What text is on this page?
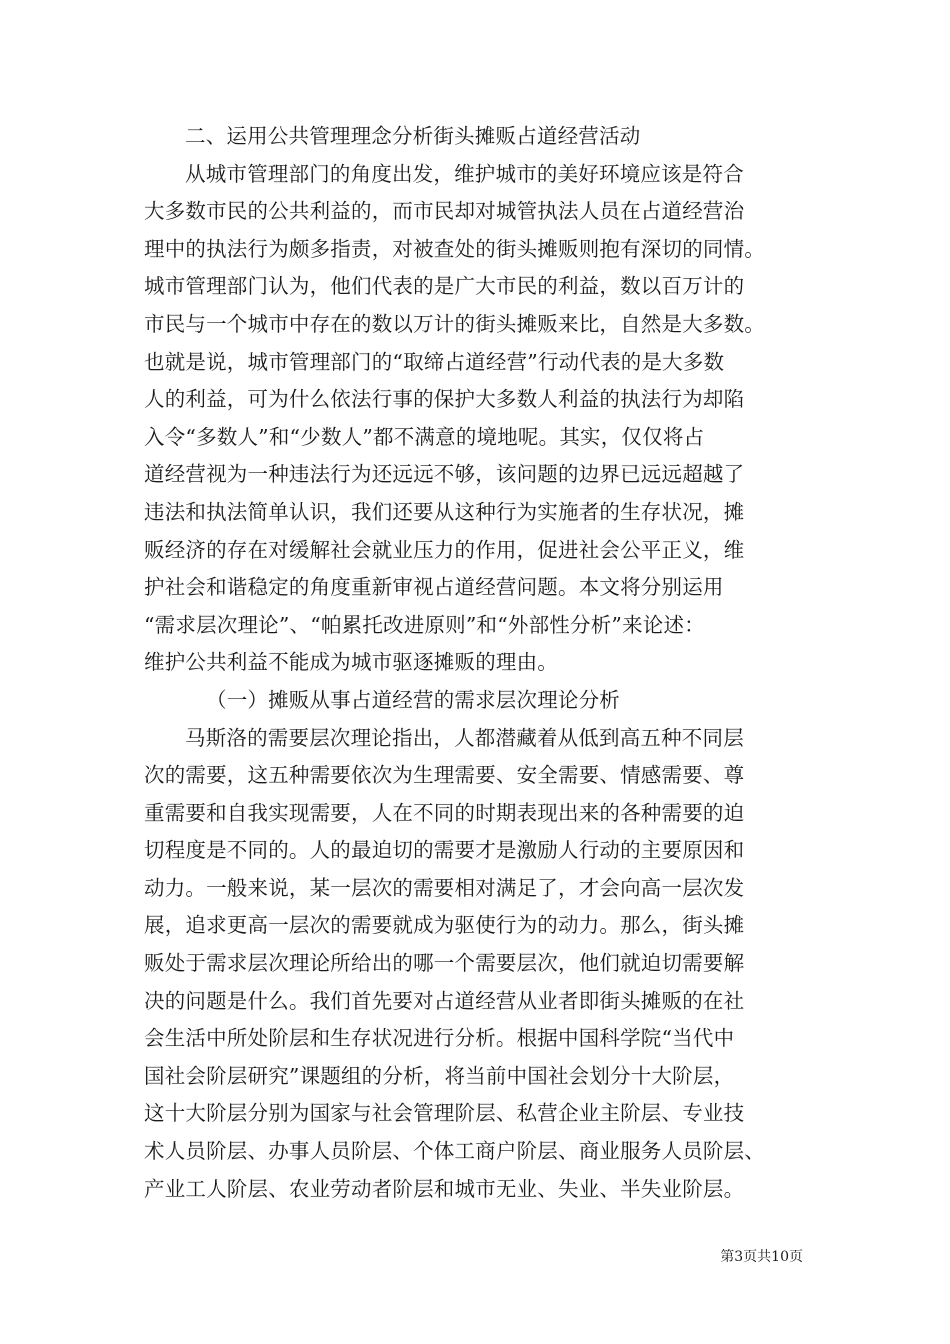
二、运用公共管理理念分析街头摊贩占道经营活动
从城市管理部门的角度出发，维护城市的美好环境应该是符合
大多数市民的公共利益的，而市民却对城管执法人员在占道经营治
理中的执法行为颇多指责，对被查处的街头摊贩则抱有深切的同情。
城市管理部门认为，他们代表的是广大市民的利益，数以百万计的
市民与一个城市中存在的数以万计的街头摊贩来比，自然是大多数。
也就是说，城市管理部门的“取缔占道经营”行动代表的是大多数
人的利益，可为什么依法行事的保护大多数人利益的执法行为却陷
入令“多数人”和“少数人”都不满意的境地呢。其实，仅仅将占
道经营视为一种违法行为还远远不够，该问题的边界已远远超越了
违法和执法简单认识，我们还要从这种行为实施者的生存状况，摊
贩经济的存在对缓解社会就业压力的作用，促进社会公平正义，维
护社会和谐稳定的角度重新审视占道经营问题。本文将分别运用
“需求层次理论”、“帕累托改进原则”和“外部性分析”来论述：
维护公共利益不能成为城市驱逐摊贩的理由。
（一）摊贩从事占道经营的需求层次理论分析
马斯洛的需要层次理论指出，人都潜藏着从低到高五种不同层
次的需要，这五种需要依次为生理需要、安全需要、情感需要、尊
重需要和自我实现需要，人在不同的时期表现出来的各种需要的迫
切程度是不同的。人的最迫切的需要才是激励人行动的主要原因和
动力。一般来说，某一层次的需要相对满足了，才会向高一层次发
展，追求更高一层次的需要就成为驱使行为的动力。那么，街头摊
贩处于需求层次理论所给出的哪一个需要层次，他们就迫切需要解
决的问题是什么。我们首先要对占道经营从业者即街头摊贩的在社
会生活中所处阶层和生存状况进行分析。根据中国科学院“当代中
国社会阶层研究”课题组的分析，将当前中国社会划分十大阶层，
这十大阶层分别为国家与社会管理阶层、私营企业主阶层、专业技
术人员阶层、办事人员阶层、个体工商户阶层、商业服务人员阶层、
产业工人阶层、农业劳动者阶层和城市无业、失业、半失业阶层。
第3页共10页
